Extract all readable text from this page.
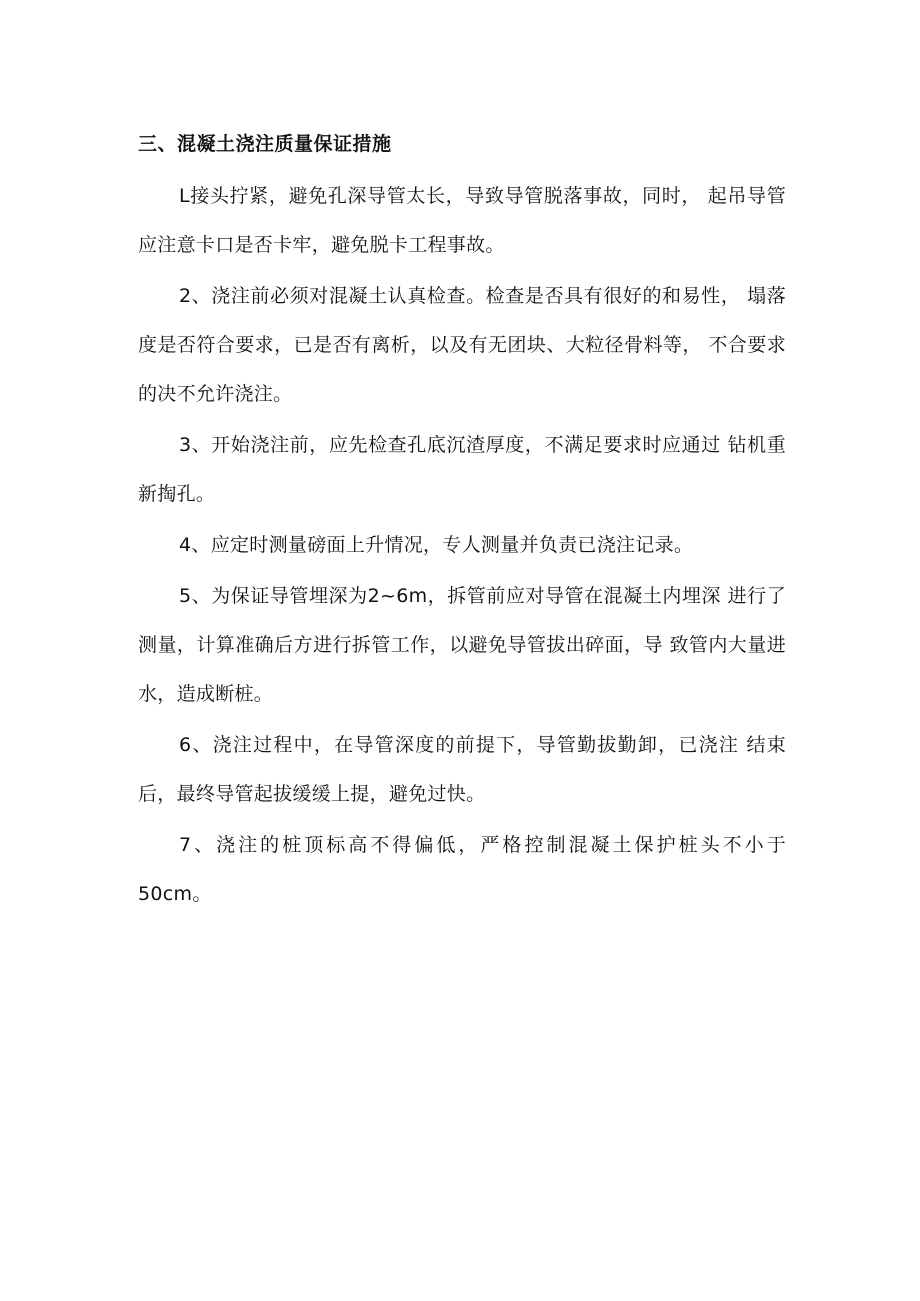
三、混凝土浇注质量保证措施

L接头拧紧，避免孔深导管太长，导致导管脱落事故，同时， 起吊导管应注意卡口是否卡牢，避免脱卡工程事故。

2、浇注前必须对混凝土认真检查。检查是否具有很好的和易性， 塌落度是否符合要求，已是否有离析，以及有无团块、大粒径骨料等， 不合要求的决不允许浇注。

3、开始浇注前，应先检查孔底沉渣厚度，不满足要求时应通过 钻机重新掏孔。

4、应定时测量磅面上升情况，专人测量并负责已浇注记录。

5、为保证导管埋深为2~6m，拆管前应对导管在混凝土内埋深 进行了测量，计算准确后方进行拆管工作，以避免导管拔出碎面，导 致管内大量进水，造成断桩。

6、浇注过程中，在导管深度的前提下，导管勤拔勤卸，已浇注 结束后，最终导管起拔缓缓上提，避免过快。

7、浇注的桩顶标高不得偏低，严格控制混凝土保护桩头不小于 50cm。
